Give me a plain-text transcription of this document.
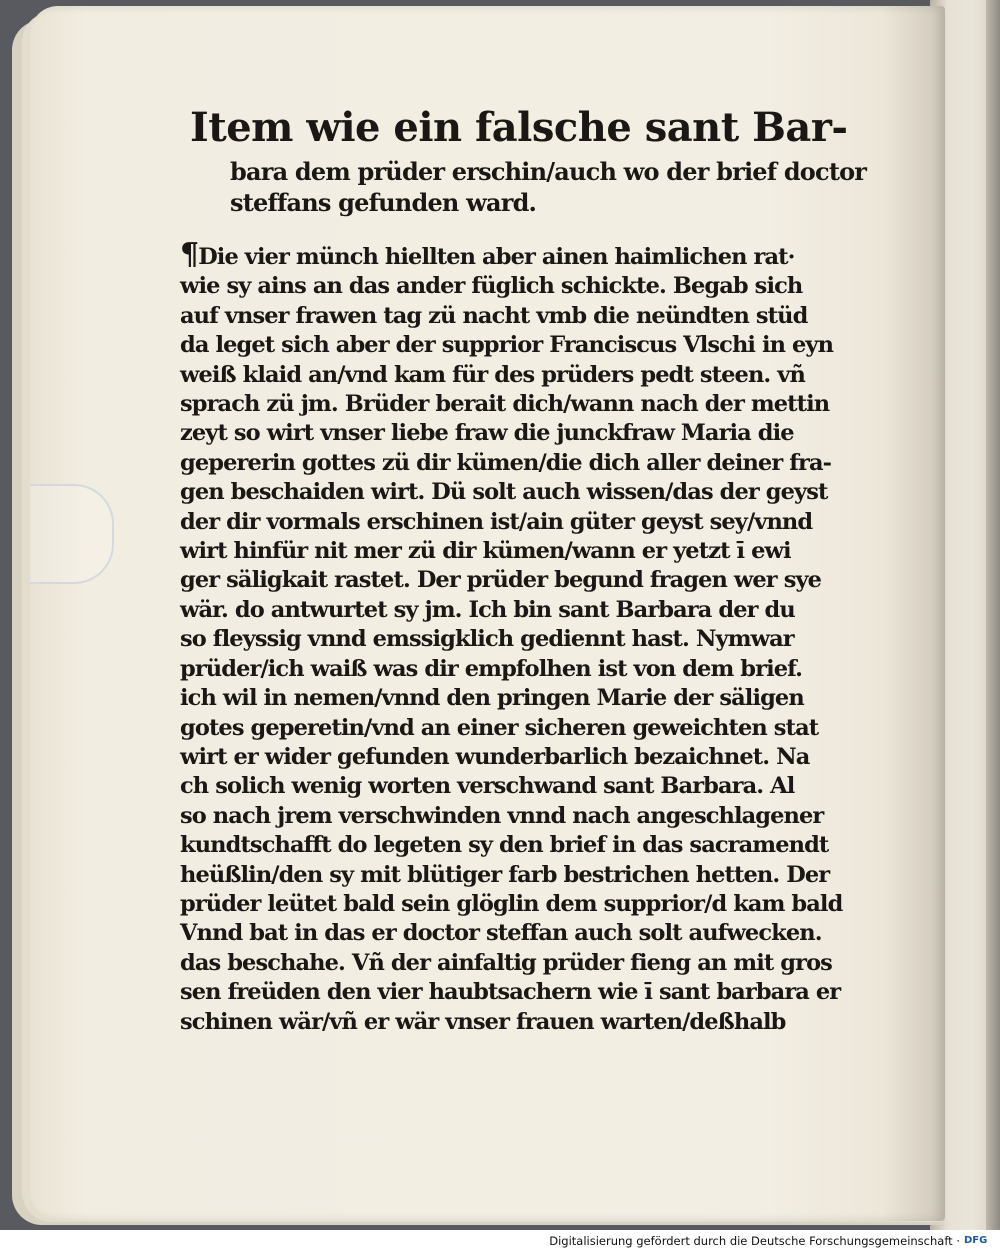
Item wie ein falsche sant Bar-
bara dem prüder erschin/auch wo der brief doctor
steffans gefunden ward.
¶Die vier münch hiellten aber ainen haimlichen rat·
wie sy ains an das ander füglich schickte. Begab sich
auf vnser frawen tag zü nacht vmb die neündten stüd
da leget sich aber der supprior Franciscus Vlschi in eyn
weiß klaid an/vnd kam für des prüders pedt steen. vñ
sprach zü jm. Brüder berait dich/wann nach der mettin
zeyt so wirt vnser liebe fraw die junckfraw Maria die
gepererin gottes zü dir kümen/die dich aller deiner fra-
gen beschaiden wirt. Dü solt auch wissen/das der geyst
der dir vormals erschinen ist/ain güter geyst sey/vnnd
wirt hinfür nit mer zü dir kümen/wann er yetzt ī ewi
ger säligkait rastet. Der prüder begund fragen wer sye
wär. do antwurtet sy jm. Ich bin sant Barbara der du
so fleyssig vnnd emssigklich gediennt hast. Nymwar
prüder/ich waiß was dir empfolhen ist von dem brief.
ich wil in nemen/vnnd den pringen Marie der säligen
gotes geperetin/vnd an einer sicheren geweichten stat
wirt er wider gefunden wunderbarlich bezaichnet. Na
ch solich wenig worten verschwand sant Barbara. Al
so nach jrem verschwinden vnnd nach angeschlagener
kundtschafft do legeten sy den brief in das sacramendt
heüßlin/den sy mit blütiger farb bestrichen hetten. Der
prüder leütet bald sein glöglin dem supprior/d kam bald
Vnnd bat in das er doctor steffan auch solt aufwecken.
das beschahe. Vñ der ainfaltig prüder fieng an mit gros
sen freüden den vier haubtsachern wie ī sant barbara er
schinen wär/vñ er wär vnser frauen warten/deßhalb
Digitalisierung gefördert durch die Deutsche Forschungsgemeinschaft · DFG
